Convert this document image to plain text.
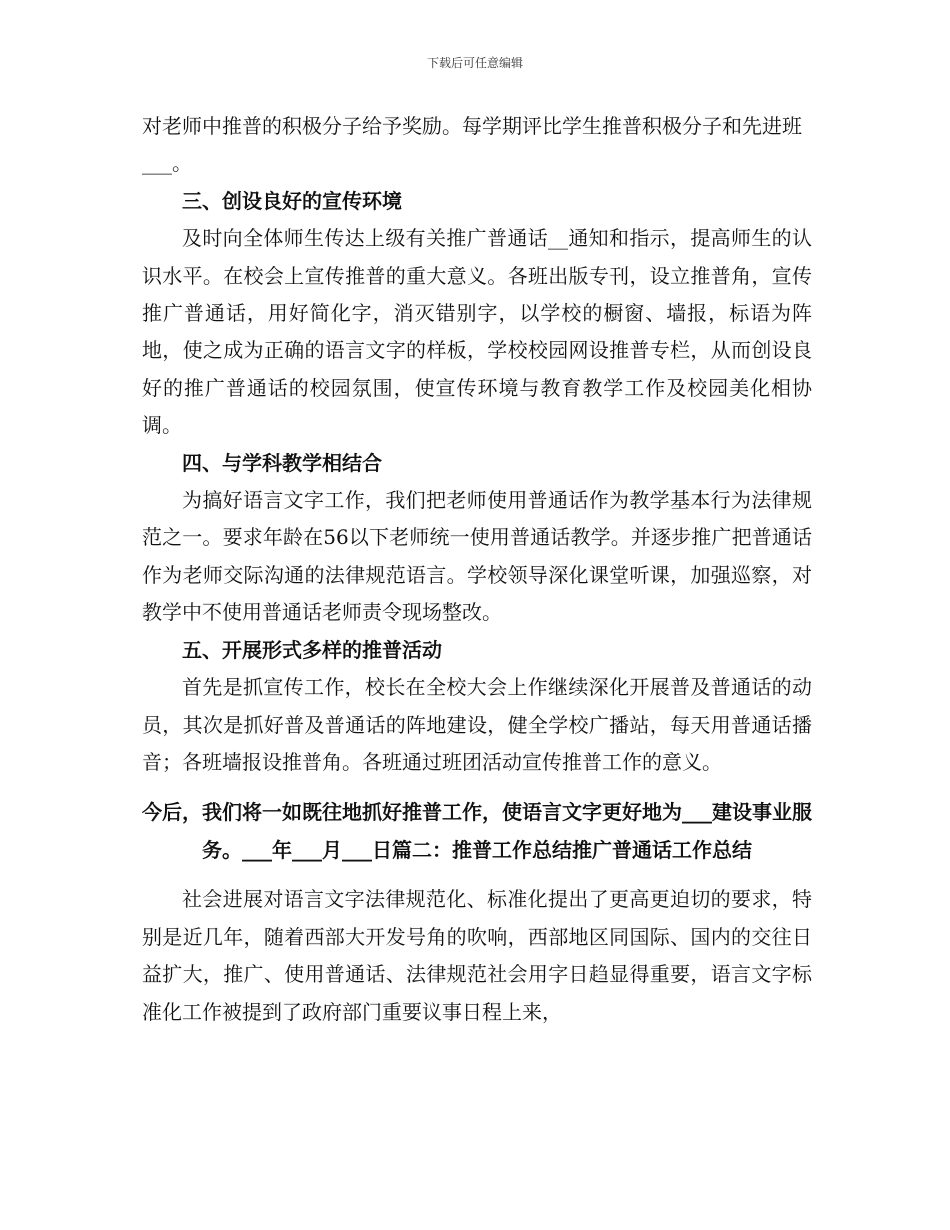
下载后可任意编辑

对老师中推普的积极分子给予奖励。每学期评比学生推普积极分子和先进班___。

三、创设良好的宣传环境

及时向全体师生传达上级有关推广普通话__通知和指示，提高师生的认识水平。在校会上宣传推普的重大意义。各班出版专刊，设立推普角，宣传推广普通话，用好简化字，消灭错别字，以学校的橱窗、墙报，标语为阵地，使之成为正确的语言文字的样板，学校校园网设推普专栏，从而创设良好的推广普通话的校园氛围，使宣传环境与教育教学工作及校园美化相协调。

四、与学科教学相结合

为搞好语言文字工作，我们把老师使用普通话作为教学基本行为法律规范之一。要求年龄在56以下老师统一使用普通话教学。并逐步推广把普通话作为老师交际沟通的法律规范语言。学校领导深化课堂听课，加强巡察，对教学中不使用普通话老师责令现场整改。

五、开展形式多样的推普活动

首先是抓宣传工作，校长在全校大会上作继续深化开展普及普通话的动员，其次是抓好普及普通话的阵地建设，健全学校广播站，每天用普通话播音；各班墙报设推普角。各班通过班团活动宣传推普工作的意义。

今后，我们将一如既往地抓好推普工作，使语言文字更好地为___建设事业服务。___年___月___日篇二：推普工作总结推广普通话工作总结

社会进展对语言文字法律规范化、标准化提出了更高更迫切的要求，特别是近几年，随着西部大开发号角的吹响，西部地区同国际、国内的交往日益扩大，推广、使用普通话、法律规范社会用字日趋显得重要，语言文字标准化工作被提到了政府部门重要议事日程上来，
